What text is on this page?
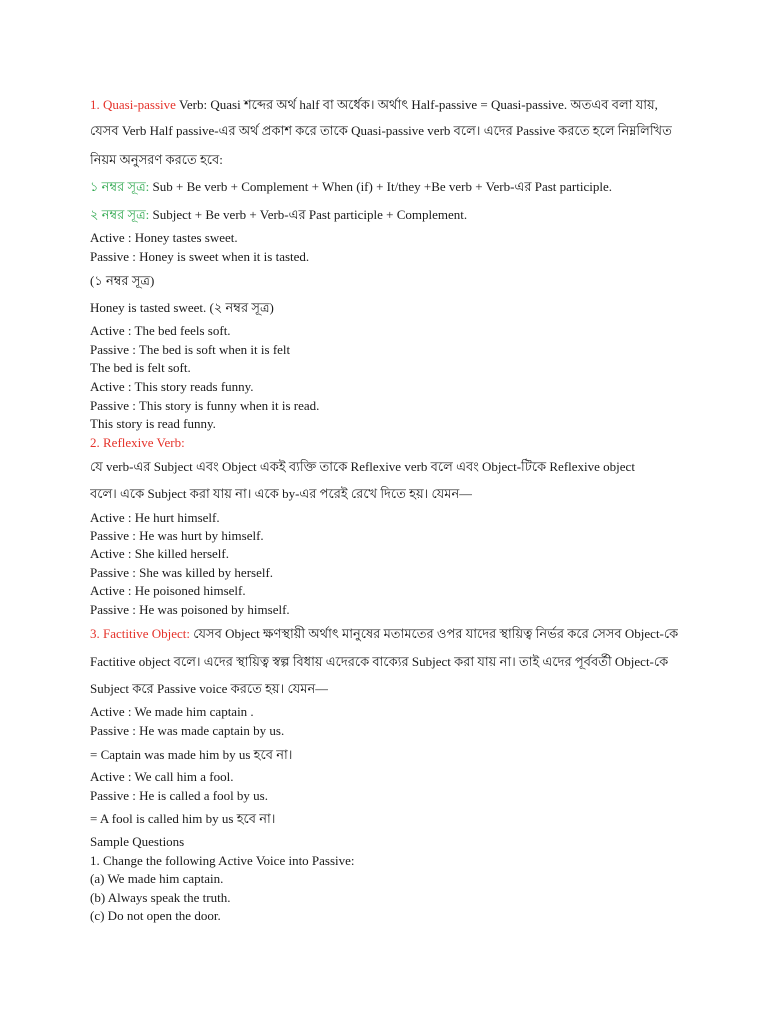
1. Quasi-passive Verb: Quasi শব্দের অর্থ half বা অর্ধেক। অর্থাৎ Half-passive = Quasi-passive. অতএব বলা যায়,
যেসব Verb Half passive-এর অর্থ প্রকাশ করে তাকে Quasi-passive verb বলে। এদের Passive করতে হলে নিম্নলিখিত
নিয়ম অনুসরণ করতে হবে:
১ নম্বর সূত্র: Sub + Be verb + Complement + When (if) + It/they +Be verb + Verb-এর Past participle.
২ নম্বর সূত্র: Subject + Be verb + Verb-এর Past participle + Complement.
Active : Honey tastes sweet.
Passive : Honey is sweet when it is tasted.
(১ নম্বর সূত্র)
Honey is tasted sweet. (২ নম্বর সূত্র)
Active : The bed feels soft.
Passive : The bed is soft when it is felt
The bed is felt soft.
Active : This story reads funny.
Passive : This story is funny when it is read.
This story is read funny.
2. Reflexive Verb:
যে verb-এর Subject এবং Object একই ব্যক্তি তাকে Reflexive verb বলে এবং Object-টিকে Reflexive object
বলে। একে Subject করা যায় না। একে by-এর পরেই রেখে দিতে হয়। যেমন—
Active : He hurt himself.
Passive : He was hurt by himself.
Active : She killed herself.
Passive : She was killed by herself.
Active : He poisoned himself.
Passive : He was poisoned by himself.
3. Factitive Object: যেসব Object ক্ষণস্থায়ী অর্থাৎ মানুষের মতামতের ওপর যাদের স্থায়িত্ব নির্ভর করে সেসব Object-কে
Factitive object বলে। এদের স্থায়িত্ব স্বল্প বিধায় এদেরকে বাক্যের Subject করা যায় না। তাই এদের পূর্ববর্তী Object-কে
Subject করে Passive voice করতে হয়। যেমন—
Active : We made him captain .
Passive : He was made captain by us.
= Captain was made him by us হবে না।
Active : We call him a fool.
Passive : He is called a fool by us.
= A fool is called him by us হবে না।
Sample Questions
1. Change the following Active Voice into Passive:
(a) We made him captain.
(b) Always speak the truth.
(c) Do not open the door.
